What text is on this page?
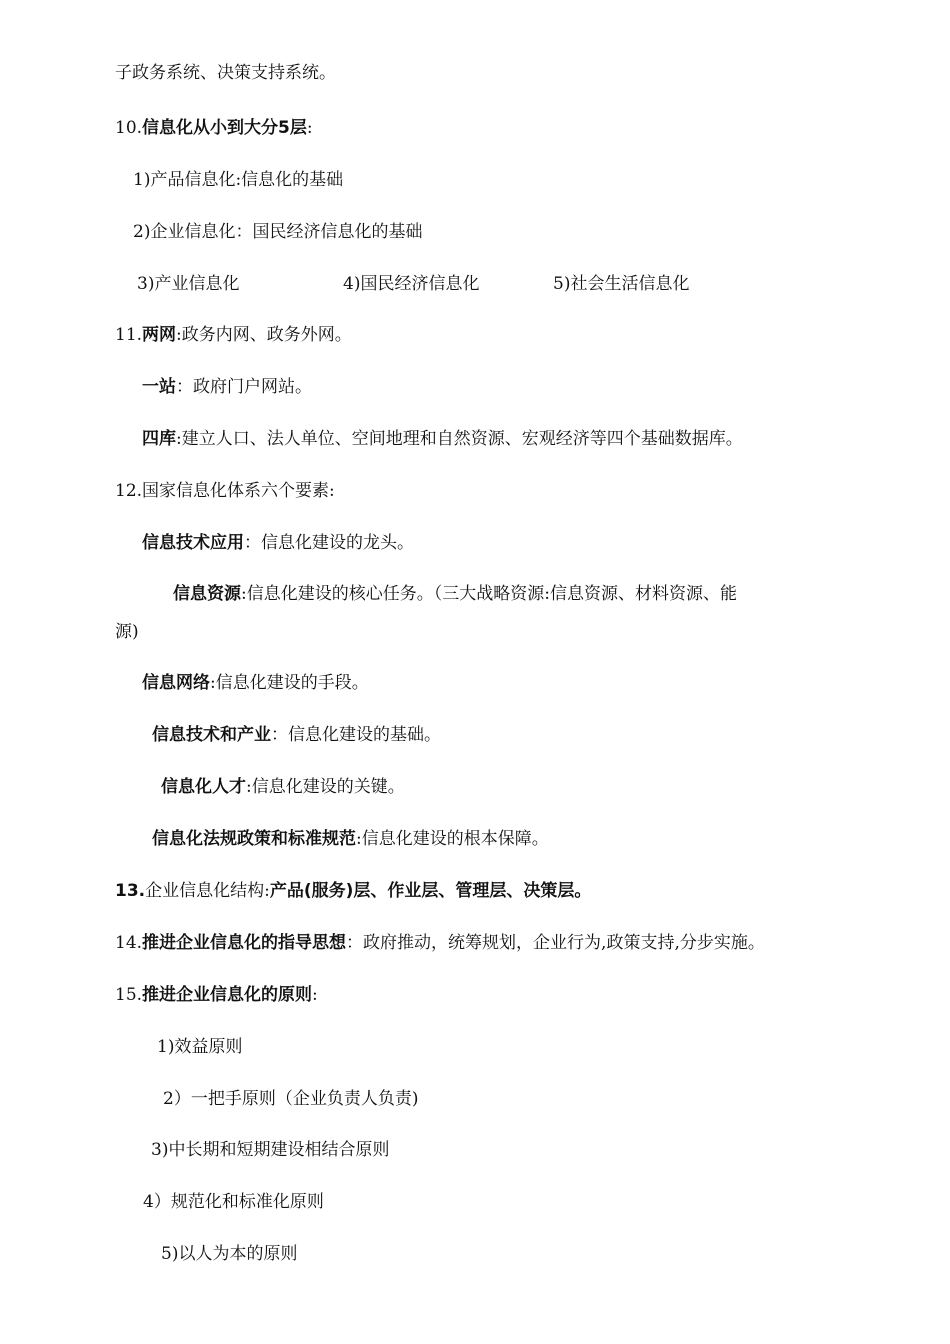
子政务系统、决策支持系统。
10.信息化从小到大分5层:
1)产品信息化:信息化的基础
2)企业信息化：国民经济信息化的基础
3)产业信息化	4)国民经济信息化	5)社会生活信息化
11.两网:政务内网、政务外网。
一站：政府门户网站。
四库:建立人口、法人单位、空间地理和自然资源、宏观经济等四个基础数据库。
12.国家信息化体系六个要素:
信息技术应用：信息化建设的龙头。
信息资源:信息化建设的核心任务。（三大战略资源:信息资源、材料资源、能
源)
信息网络:信息化建设的手段。
信息技术和产业：信息化建设的基础。
信息化人才:信息化建设的关键。
信息化法规政策和标准规范:信息化建设的根本保障。
13.企业信息化结构:产品(服务)层、作业层、管理层、决策层。
14.推进企业信息化的指导思想：政府推动，统筹规划，企业行为,政策支持,分步实施。
15.推进企业信息化的原则:
1)效益原则
2）一把手原则（企业负责人负责)
3)中长期和短期建设相结合原则
4）规范化和标准化原则
5)以人为本的原则
